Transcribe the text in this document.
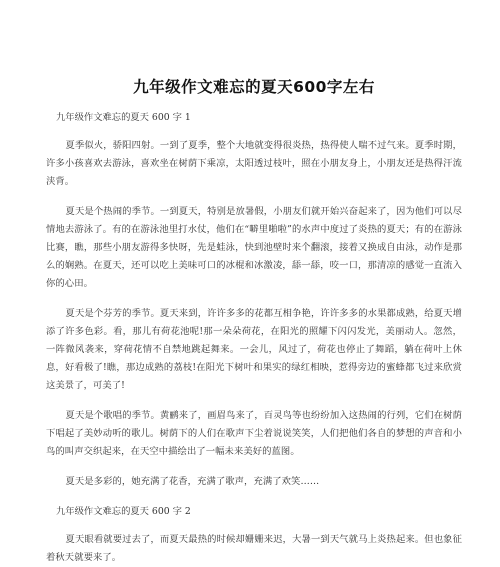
九年级作文难忘的夏天600字左右

九年级作文难忘的夏天 600 字 1

夏季似火，骄阳四射。一到了夏季，整个大地就变得很炎热，热得使人喘不过气来。夏季时期，许多小孩喜欢去游泳，喜欢坐在树荫下乘凉，太阳透过枝叶，照在小朋友身上，小朋友还是热得汗流浃背。

夏天是个热闹的季节。一到夏天，特别是放暑假，小朋友们就开始兴奋起来了，因为他们可以尽情地去游泳了。有的在游泳池里打水仗，他们在“噼里啪啦”的水声中度过了炎热的夏天；有的在游泳比赛，瞧，那些小朋友游得多快呀，先是蛙泳，快到池壁时来个翻滚，接着又换成自由泳，动作是那么的娴熟。在夏天，还可以吃上美味可口的冰棍和冰激凌，舔一舔，咬一口，那清凉的感觉一直流入你的心田。

夏天是个芬芳的季节。夏天来到，许许多多的花都互相争艳，许许多多的水果都成熟，给夏天增添了许多色彩。看，那儿有荷花池呢!那一朵朵荷花，在阳光的照耀下闪闪发光，美丽动人。忽然，一阵微风袭来，穿荷花情不自禁地跳起舞来。一会儿，风过了，荷花也停止了舞蹈，躺在荷叶上休息，好看极了!瞧，那边成熟的荔枝!在阳光下树叶和果实的绿红相映，惹得旁边的蜜蜂都飞过来欣赏这美景了，可美了!

夏天是个歌唱的季节。黄鹂来了，画眉鸟来了，百灵鸟等也纷纷加入这热闹的行列，它们在树荫下唱起了美妙动听的歌儿。树荫下的人们在歌声下尘着说说笑笑，人们把他们各自的梦想的声音和小鸟的叫声交织起来，在天空中描绘出了一幅未来美好的蓝图。

夏天是多彩的，她充满了花香，充满了歌声，充满了欢笑……

九年级作文难忘的夏天 600 字 2

夏天眼看就要过去了，而夏天最热的时候却姗姗来迟，大暑一到天气就马上炎热起来。但也象征着秋天就要来了。
